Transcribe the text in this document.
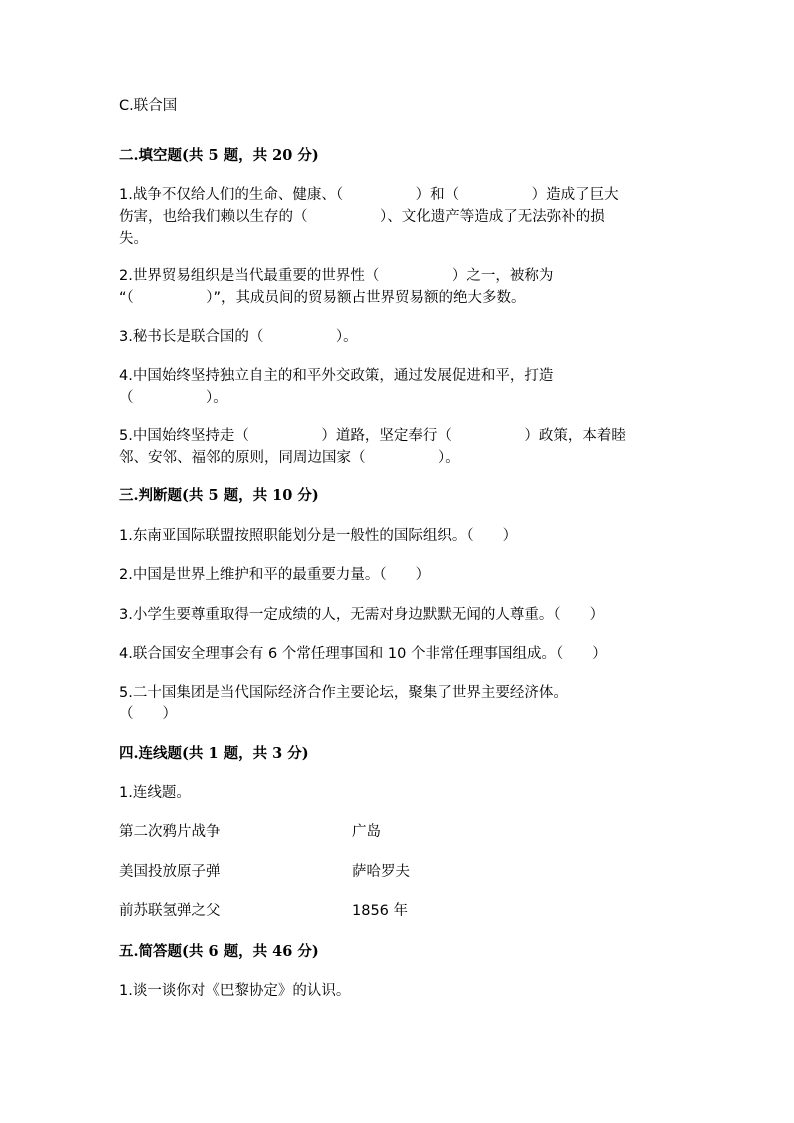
C.联合国
二.填空题(共 5 题，共 20 分)
1.战争不仅给人们的生命、健康、（　　　　　）和（　　　　　）造成了巨大
伤害，也给我们赖以生存的（　　　　　）、文化遗产等造成了无法弥补的损
失。
2.世界贸易组织是当代最重要的世界性（　　　　　）之一，被称为
“（　　　　　）”，其成员间的贸易额占世界贸易额的绝大多数。
3.秘书长是联合国的（　　　　　）。
4.中国始终坚持独立自主的和平外交政策，通过发展促进和平，打造
（　　　　　）。
5.中国始终坚持走（　　　　　）道路，坚定奉行（　　　　　）政策，本着睦
邻、安邻、福邻的原则，同周边国家（　　　　　）。
三.判断题(共 5 题，共 10 分)
1.东南亚国际联盟按照职能划分是一般性的国际组织。（　　）
2.中国是世界上维护和平的最重要力量。（　　）
3.小学生要尊重取得一定成绩的人，无需对身边默默无闻的人尊重。（　　）
4.联合国安全理事会有 6 个常任理事国和 10 个非常任理事国组成。（　　）
5.二十国集团是当代国际经济合作主要论坛，聚集了世界主要经济体。
（　　）
四.连线题(共 1 题，共 3 分)
1.连线题。
第二次鸦片战争	广岛
美国投放原子弹	萨哈罗夫
前苏联氢弹之父	1856 年
五.简答题(共 6 题，共 46 分)
1.谈一谈你对《巴黎协定》的认识。
